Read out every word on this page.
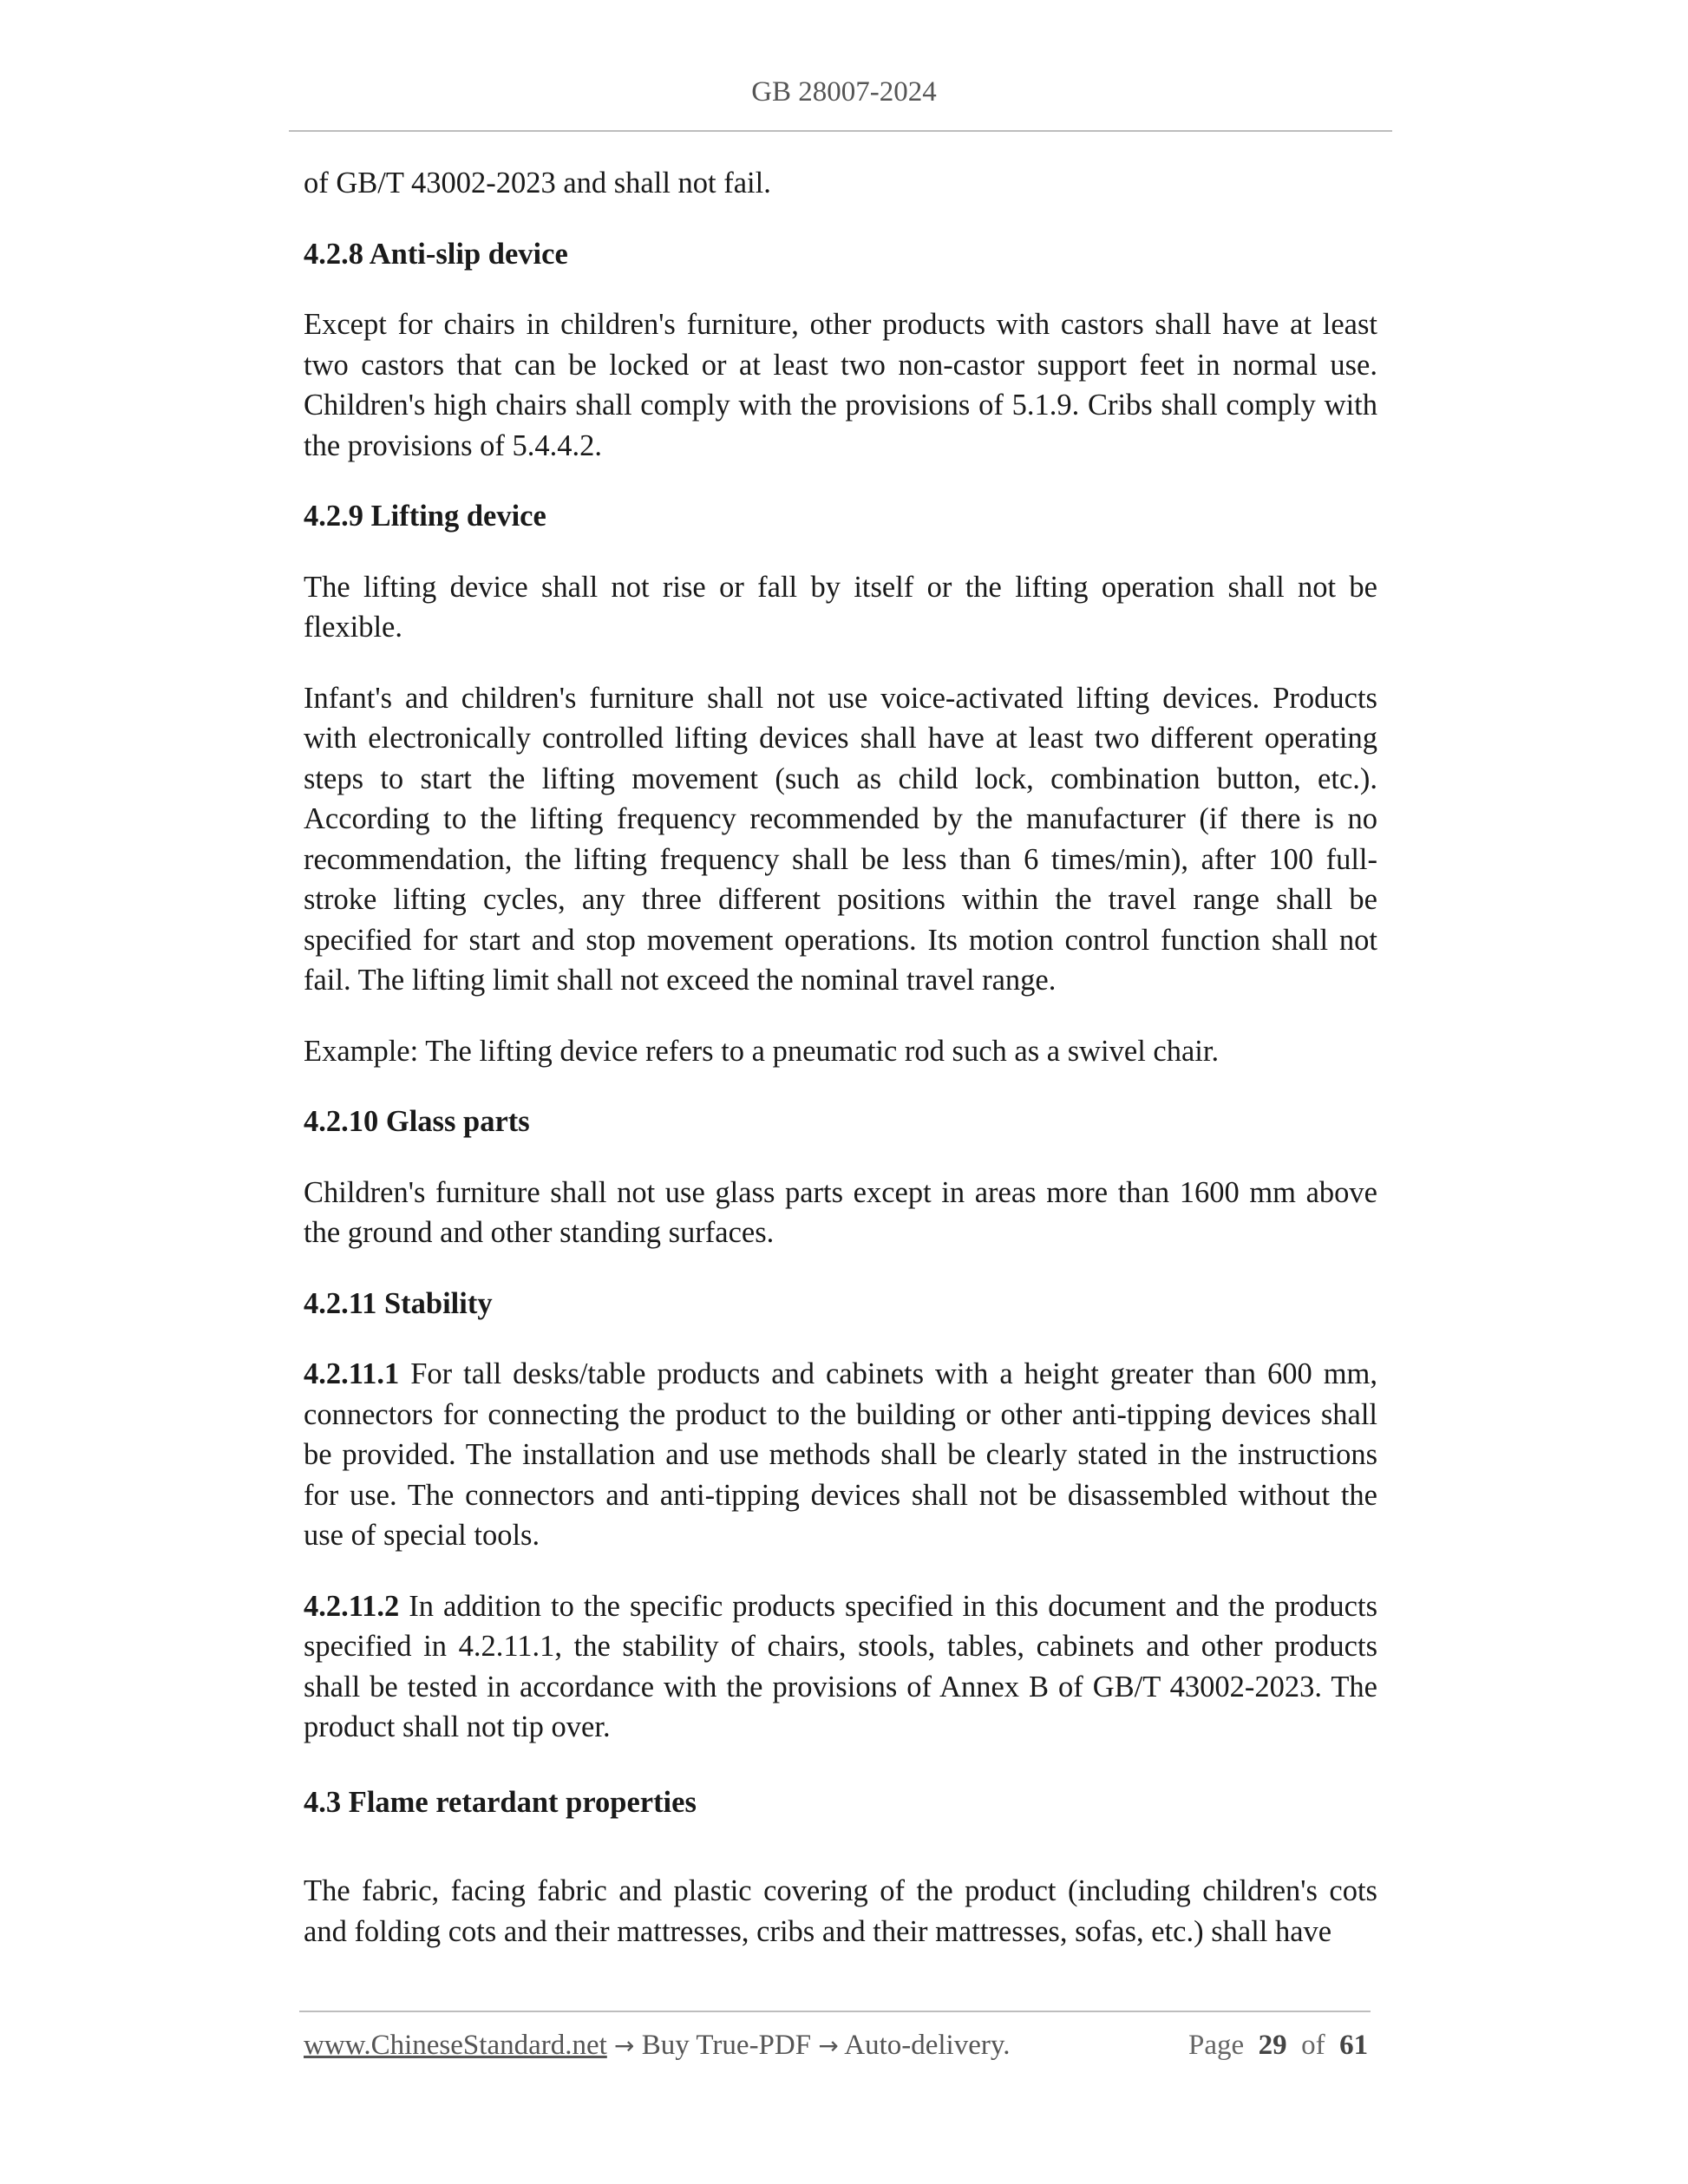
GB 28007-2024

of GB/T 43002-2023 and shall not fail.

4.2.8 Anti-slip device

Except for chairs in children's furniture, other products with castors shall have at least two castors that can be locked or at least two non-castor support feet in normal use. Children's high chairs shall comply with the provisions of 5.1.9. Cribs shall comply with the provisions of 5.4.4.2.

4.2.9 Lifting device

The lifting device shall not rise or fall by itself or the lifting operation shall not be flexible.

Infant's and children's furniture shall not use voice-activated lifting devices. Products with electronically controlled lifting devices shall have at least two different operating steps to start the lifting movement (such as child lock, combination button, etc.). According to the lifting frequency recommended by the manufacturer (if there is no recommendation, the lifting frequency shall be less than 6 times/min), after 100 full-stroke lifting cycles, any three different positions within the travel range shall be specified for start and stop movement operations. Its motion control function shall not fail. The lifting limit shall not exceed the nominal travel range.

Example: The lifting device refers to a pneumatic rod such as a swivel chair.

4.2.10 Glass parts

Children's furniture shall not use glass parts except in areas more than 1600 mm above the ground and other standing surfaces.

4.2.11 Stability

4.2.11.1 For tall desks/table products and cabinets with a height greater than 600 mm, connectors for connecting the product to the building or other anti-tipping devices shall be provided. The installation and use methods shall be clearly stated in the instructions for use. The connectors and anti-tipping devices shall not be disassembled without the use of special tools.

4.2.11.2 In addition to the specific products specified in this document and the products specified in 4.2.11.1, the stability of chairs, stools, tables, cabinets and other products shall be tested in accordance with the provisions of Annex B of GB/T 43002-2023. The product shall not tip over.

4.3 Flame retardant properties

The fabric, facing fabric and plastic covering of the product (including children's cots and folding cots and their mattresses, cribs and their mattresses, sofas, etc.) shall have

www.ChineseStandard.net → Buy True-PDF → Auto-delivery.	Page 29 of 61
